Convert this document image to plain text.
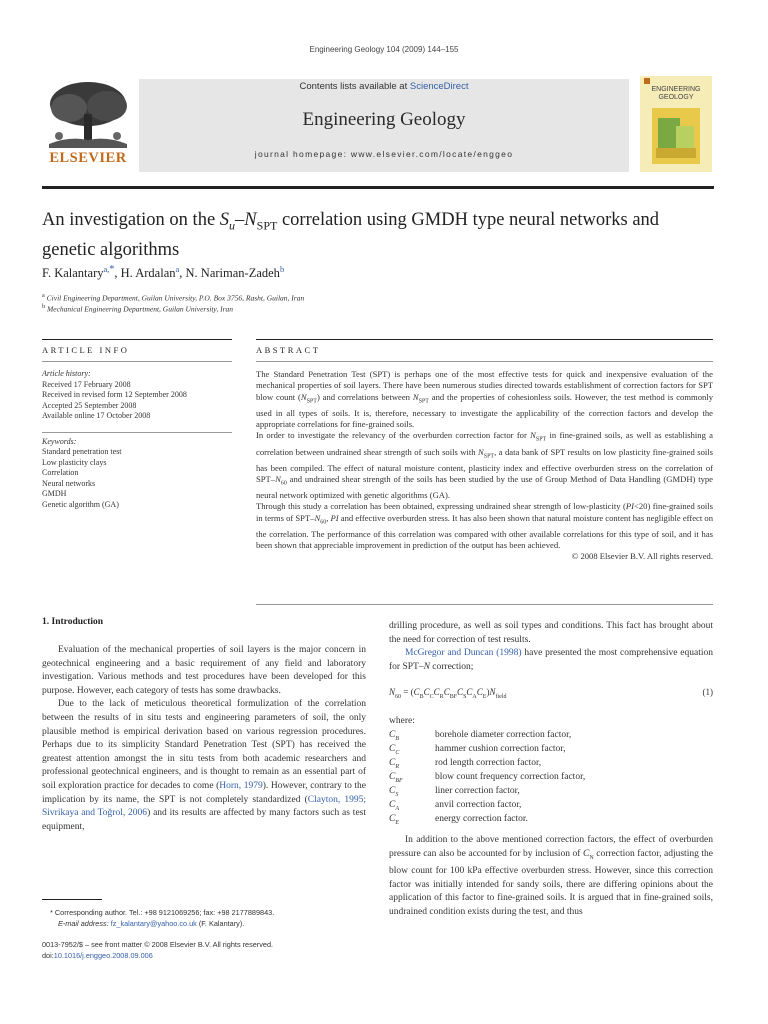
Engineering Geology 104 (2009) 144–155
ELSEVIER
Contents lists available at ScienceDirect
Engineering Geology
journal homepage: www.elsevier.com/locate/enggeo
ENGINEERING
GEOLOGY
An investigation on the $S_u-N_{SPT}$ correlation using GMDH type neural networks and
genetic algorithms
F. Kalantary$^{a,*}$, H. Ardalan$^a$, N. Nariman-Zadeh$^b$
$^a$ Civil Engineering Department, Guilan University, P.O. Box 3756, Rasht, Guilan, Iran
$^b$ Mechanical Engineering Department, Guilan University, Iran
ARTICLE INFO
Article history:
Received 17 February 2008
Received in revised form 12 September 2008
Accepted 25 September 2008
Available online 17 October 2008
Keywords:
Standard penetration test
Low plasticity clays
Correlation
Neural networks
GMDH
Genetic algorithm (GA)
ABSTRACT

The Standard Penetration Test (SPT) is perhaps one of the most effective tests for quick and inexpensive evaluation of the mechanical properties of soil layers. There have been numerous studies directed towards establishment of correction factors for SPT blow count $(N_{SPT})$ and correlations between $N_{SPT}$ and the properties of cohesionless soils. However, the test method is commonly used in all types of soils. It is, therefore, necessary to investigate the applicability of the correction factors and develop the appropriate correlations for fine-grained soils.

In order to investigate the relevancy of the overburden correction factor for $N_{SPT}$ in fine-grained soils, as well as establishing a correlation between undrained shear strength of such soils with $N_{SPT}$, a data bank of SPT results on low plasticity fine-grained soils has been compiled. The effect of natural moisture content, plasticity index and effective overburden stress on the correlation of SPT–$N_{60}$ and undrained shear strength of the soils has been studied by the use of Group Method of Data Handling (GMDH) type neural network optimized with genetic algorithms (GA).

Through this study a correlation has been obtained, expressing undrained shear strength of low-plasticity (PI<20) fine-grained soils in terms of SPT–$N_{60}$, PI and effective overburden stress. It has also been shown that natural moisture content has negligible effect on the correlation. The performance of this correlation was compared with other available correlations for this type of soil, and it has been shown that appreciable improvement in prediction of the output has been achieved.

© 2008 Elsevier B.V. All rights reserved.
1. Introduction

Evaluation of the mechanical properties of soil layers is the major concern in geotechnical engineering and a basic requirement of any field and laboratory investigation. Various methods and test procedures have been developed for this purpose. However, each category of tests has some drawbacks.

Due to the lack of meticulous theoretical formulization of the correlation between the results of in situ tests and engineering parameters of soil, the only plausible method is empirical derivation based on various regression procedures. Perhaps due to its simplicity Standard Penetration Test (SPT) has received the greatest attention amongst the in situ tests from both academic researchers and professional geotechnical engineers, and is thought to remain as an essential part of soil exploration practice for decades to come (Horn, 1979). However, contrary to the implication by its name, the SPT is not completely standardized (Clayton, 1995; Sivrikaya and Toğrol, 2006) and its results are affected by many factors such as test equipment,

drilling procedure, as well as soil types and conditions. This fact has brought about the need for correction of test results.

McGregor and Duncan (1998) have presented the most comprehensive equation for SPT–N correction;

$N_{60} = (C_BC_CC_RC_{BF}C_SC_AC_E)N_{field}$	(1)
where:
$C_B$	borehole diameter correction factor,
$C_C$	hammer cushion correction factor,
$C_R$	rod length correction factor,
$C_{BF}$	blow count frequency correction factor,
$C_S$	liner correction factor,
$C_A$	anvil correction factor,
$C_E$	energy correction factor.

In addition to the above mentioned correction factors, the effect of overburden pressure can also be accounted for by inclusion of $C_N$ correction factor, adjusting the blow count for 100 kPa effective overburden stress. However, since this correction factor was initially intended for sandy soils, there are differing opinions about the application of this factor to fine-grained soils. It is argued that in fine-grained soils, undrained condition exists during the test, and thus

* Corresponding author. Tel.: +98 9121069256; fax: +98 2177889843.
E-mail address: fz_kalantary@yahoo.co.uk (F. Kalantary).
0013-7952/$ – see front matter © 2008 Elsevier B.V. All rights reserved.
doi:10.1016/j.enggeo.2008.09.006
